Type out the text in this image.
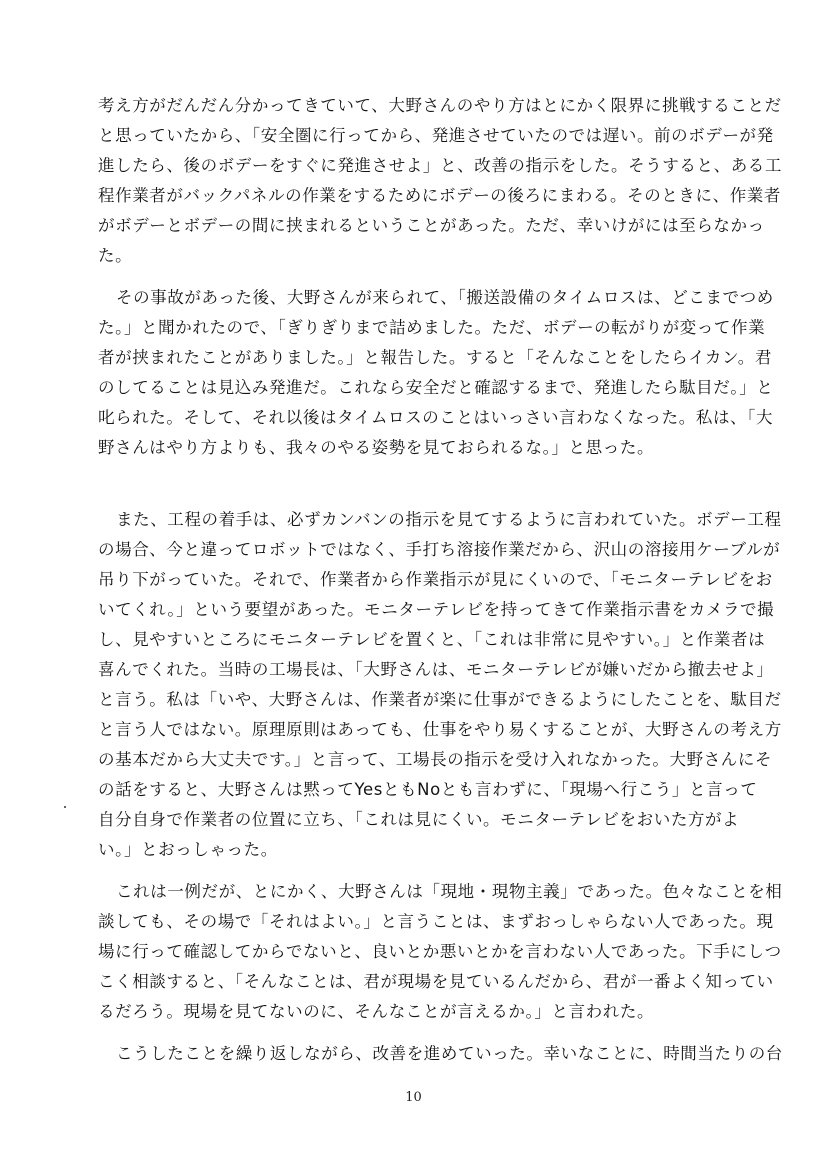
考え方がだんだん分かってきていて、大野さんのやり方はとにかく限界に挑戦することだ
と思っていたから、「安全圏に行ってから、発進させていたのでは遅い。前のボデーが発
進したら、後のボデーをすぐに発進させよ」と、改善の指示をした。そうすると、ある工
程作業者がバックパネルの作業をするためにボデーの後ろにまわる。そのときに、作業者
がボデーとボデーの間に挟まれるということがあった。ただ、幸いけがには至らなかっ
た。
その事故があった後、大野さんが来られて、「搬送設備のタイムロスは、どこまでつめ
た。」と聞かれたので、「ぎりぎりまで詰めました。ただ、ボデーの転がりが変って作業
者が挟まれたことがありました。」と報告した。すると「そんなことをしたらイカン。君
のしてることは見込み発進だ。これなら安全だと確認するまで、発進したら駄目だ。」と
叱られた。そして、それ以後はタイムロスのことはいっさい言わなくなった。私は、「大
野さんはやり方よりも、我々のやる姿勢を見ておられるな。」と思った。
また、工程の着手は、必ずカンバンの指示を見てするように言われていた。ボデー工程
の場合、今と違ってロボットではなく、手打ち溶接作業だから、沢山の溶接用ケーブルが
吊り下がっていた。それで、作業者から作業指示が見にくいので、「モニターテレビをお
いてくれ。」という要望があった。モニターテレビを持ってきて作業指示書をカメラで撮
し、見やすいところにモニターテレビを置くと、「これは非常に見やすい。」と作業者は
喜んでくれた。当時の工場長は、「大野さんは、モニターテレビが嫌いだから撤去せよ」
と言う。私は「いや、大野さんは、作業者が楽に仕事ができるようにしたことを、駄目だ
と言う人ではない。原理原則はあっても、仕事をやり易くすることが、大野さんの考え方
の基本だから大丈夫です。」と言って、工場長の指示を受け入れなかった。大野さんにそ
の話をすると、大野さんは黙ってYesともNoとも言わずに、「現場へ行こう」と言って
自分自身で作業者の位置に立ち、「これは見にくい。モニターテレビをおいた方がよ
い。」とおっしゃった。
これは一例だが、とにかく、大野さんは「現地・現物主義」であった。色々なことを相
談しても、その場で「それはよい。」と言うことは、まずおっしゃらない人であった。現
場に行って確認してからでないと、良いとか悪いとかを言わない人であった。下手にしつ
こく相談すると、「そんなことは、君が現場を見ているんだから、君が一番よく知ってい
るだろう。現場を見てないのに、そんなことが言えるか。」と言われた。
こうしたことを繰り返しながら、改善を進めていった。幸いなことに、時間当たりの台
10
